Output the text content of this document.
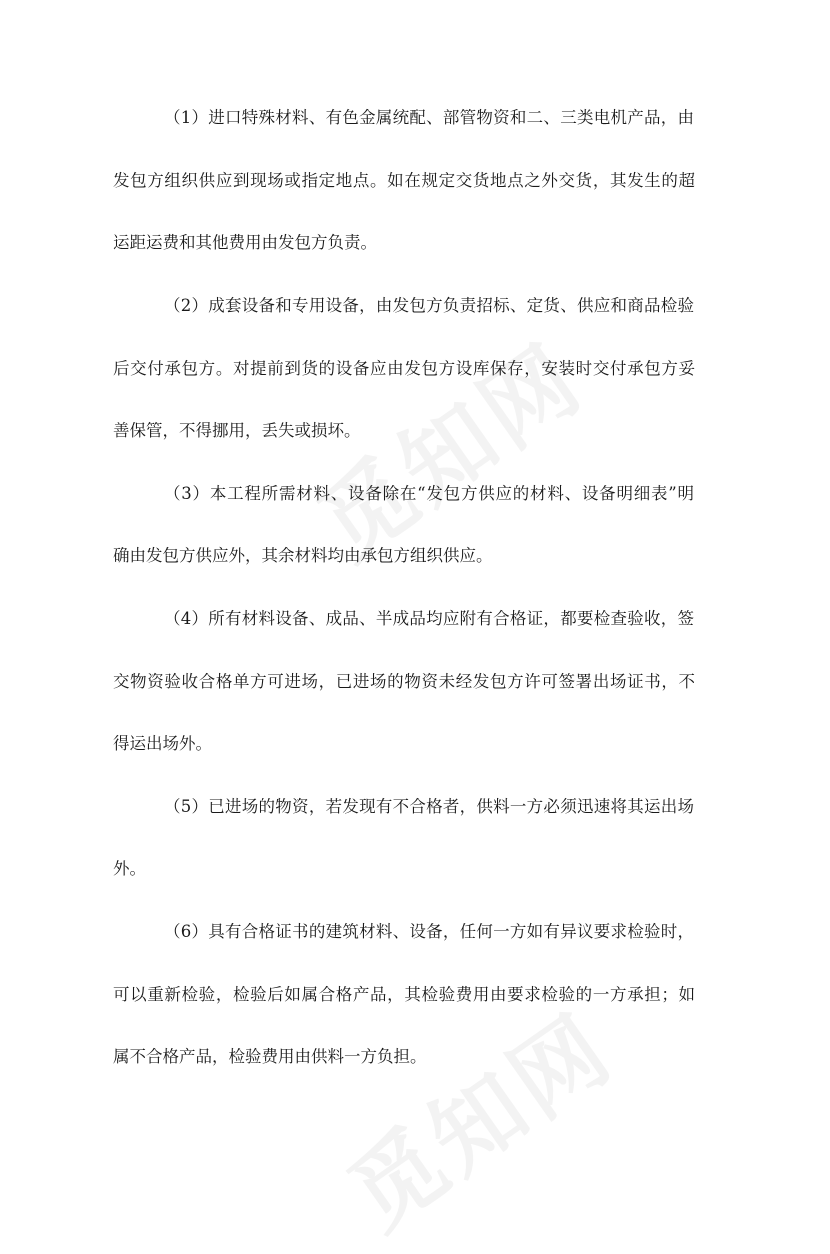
（1）进口特殊材料、有色金属统配、部管物资和二、三类电机产品，由
发包方组织供应到现场或指定地点。如在规定交货地点之外交货，其发生的超
运距运费和其他费用由发包方负责。
（2）成套设备和专用设备，由发包方负责招标、定货、供应和商品检验
后交付承包方。对提前到货的设备应由发包方设库保存，安装时交付承包方妥
善保管，不得挪用，丢失或损坏。
（3）本工程所需材料、设备除在“发包方供应的材料、设备明细表”明
确由发包方供应外，其余材料均由承包方组织供应。
（4）所有材料设备、成品、半成品均应附有合格证，都要检查验收，签
交物资验收合格单方可进场，已进场的物资未经发包方许可签署出场证书，不
得运出场外。
（5）已进场的物资，若发现有不合格者，供料一方必须迅速将其运出场
外。
（6）具有合格证书的建筑材料、设备，任何一方如有异议要求检验时，
可以重新检验，检验后如属合格产品，其检验费用由要求检验的一方承担；如
属不合格产品，检验费用由供料一方负担。
